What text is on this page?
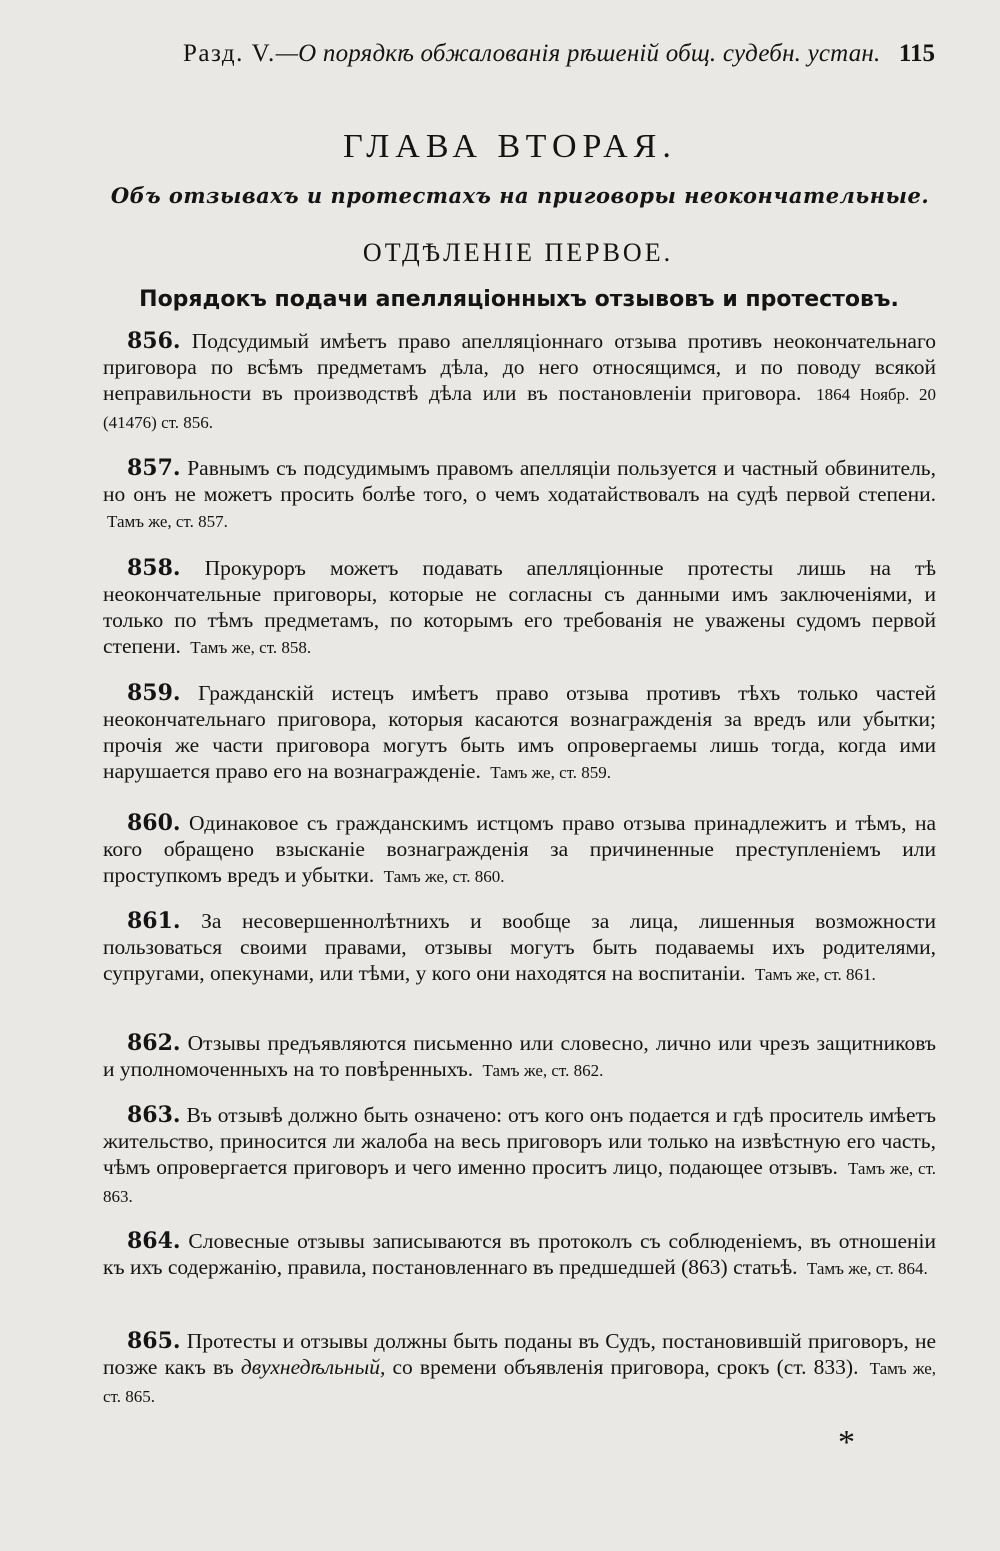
Разд. V.—О порядкѣ обжалованія рѣшеній общ. судебн. устан. 115
ГЛАВА ВТОРАЯ.
Объ отзывахъ и протестахъ на приговоры неокончательные.
ОТДѢЛЕНІЕ ПЕРВОЕ.
Порядокъ подачи апелляціонныхъ отзывовъ и протестовъ.
856. Подсудимый имѣетъ право апелляціоннаго отзыва противъ неокончательнаго приговора по всѣмъ предметамъ дѣла, до него относящимся, и по поводу всякой неправильности въ производствѣ дѣла или въ постановленіи приговора. 1864 Ноябр. 20 (41476) ст. 856.
857. Равнымъ съ подсудимымъ правомъ апелляціи пользуется и частный обвинитель, но онъ не можетъ просить болѣе того, о чемъ ходатайствовалъ на судѣ первой степени. Тамъ же, ст. 857.
858. Прокуроръ можетъ подавать апелляціонные протесты лишь на тѣ неокончательные приговоры, которые не согласны съ данными имъ заключеніями, и только по тѣмъ предметамъ, по которымъ его требованія не уважены судомъ первой степени. Тамъ же, ст. 858.
859. Гражданскій истецъ имѣетъ право отзыва противъ тѣхъ только частей неокончательнаго приговора, которыя касаются вознагражденія за вредъ или убытки; прочія же части приговора могутъ быть имъ опровергаемы лишь тогда, когда ими нарушается право его на вознагражденіе. Тамъ же, ст. 859.
860. Одинаковое съ гражданскимъ истцомъ право отзыва принадлежитъ и тѣмъ, на кого обращено взысканіе вознагражденія за причиненные преступленіемъ или проступкомъ вредъ и убытки. Тамъ же, ст. 860.
861. За несовершеннолѣтнихъ и вообще за лица, лишенныя возможности пользоваться своими правами, отзывы могутъ быть подаваемы ихъ родителями, супругами, опекунами, или тѣми, у кого они находятся на воспитаніи. Тамъ же, ст. 861.
862. Отзывы предъявляются письменно или словесно, лично или чрезъ защитниковъ и уполномоченныхъ на то повѣренныхъ. Тамъ же, ст. 862.
863. Въ отзывѣ должно быть означено: отъ кого онъ подается и гдѣ проситель имѣетъ жительство, приносится ли жалоба на весь приговоръ или только на извѣстную его часть, чѣмъ опровергается приговоръ и чего именно проситъ лицо, подающее отзывъ. Тамъ же, ст. 863.
864. Словесные отзывы записываются въ протоколъ съ соблюденіемъ, въ отношеніи къ ихъ содержанію, правила, постановленнаго въ предшедшей (863) статьѣ. Тамъ же, ст. 864.
865. Протесты и отзывы должны быть поданы въ Судъ, постановившій приговоръ, не позже какъ въ двухнедѣльный, со времени объявленія приговора, срокъ (ст. 833). Тамъ же, ст. 865.
*
